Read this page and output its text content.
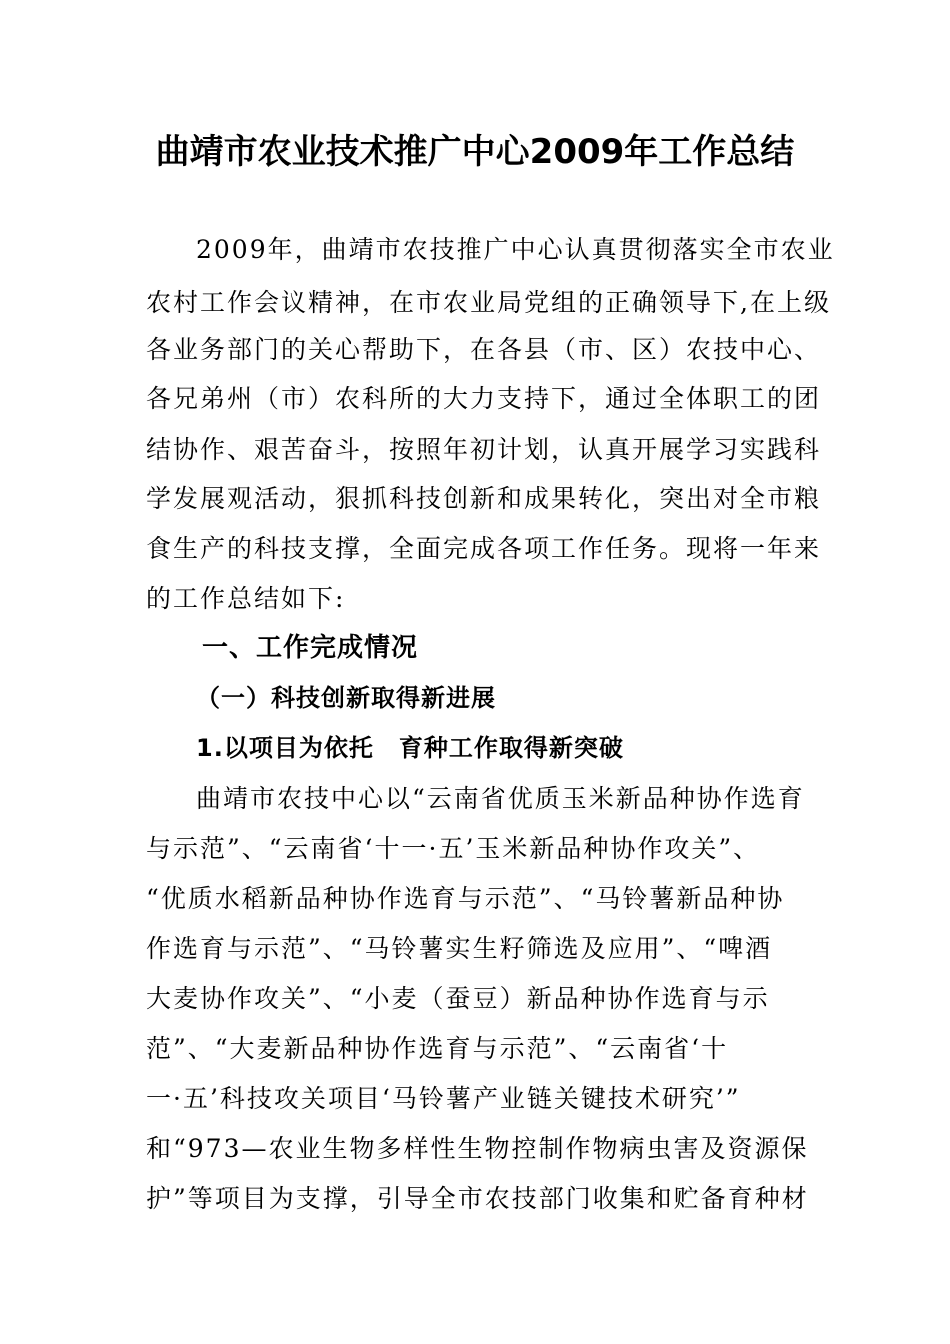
曲靖市农业技术推广中心2009年工作总结
2009年，曲靖市农技推广中心认真贯彻落实全市农业
农村工作会议精神，在市农业局党组的正确领导下,在上级
各业务部门的关心帮助下，在各县（市、区）农技中心、
各兄弟州（市）农科所的大力支持下，通过全体职工的团
结协作、艰苦奋斗，按照年初计划，认真开展学习实践科
学发展观活动，狠抓科技创新和成果转化，突出对全市粮
食生产的科技支撑，全面完成各项工作任务。现将一年来
的工作总结如下:
一、工作完成情况
（一）科技创新取得新进展
1.以项目为依托　育种工作取得新突破
曲靖市农技中心以“云南省优质玉米新品种协作选育
与示范”、“云南省‘十一·五’玉米新品种协作攻关”、
“优质水稻新品种协作选育与示范”、“马铃薯新品种协
作选育与示范”、“马铃薯实生籽筛选及应用”、“啤酒
大麦协作攻关”、“小麦（蚕豆）新品种协作选育与示
范”、“大麦新品种协作选育与示范”、“云南省‘十
一·五’科技攻关项目‘马铃薯产业链关键技术研究’”
和“973—农业生物多样性生物控制作物病虫害及资源保
护”等项目为支撑，引导全市农技部门收集和贮备育种材
